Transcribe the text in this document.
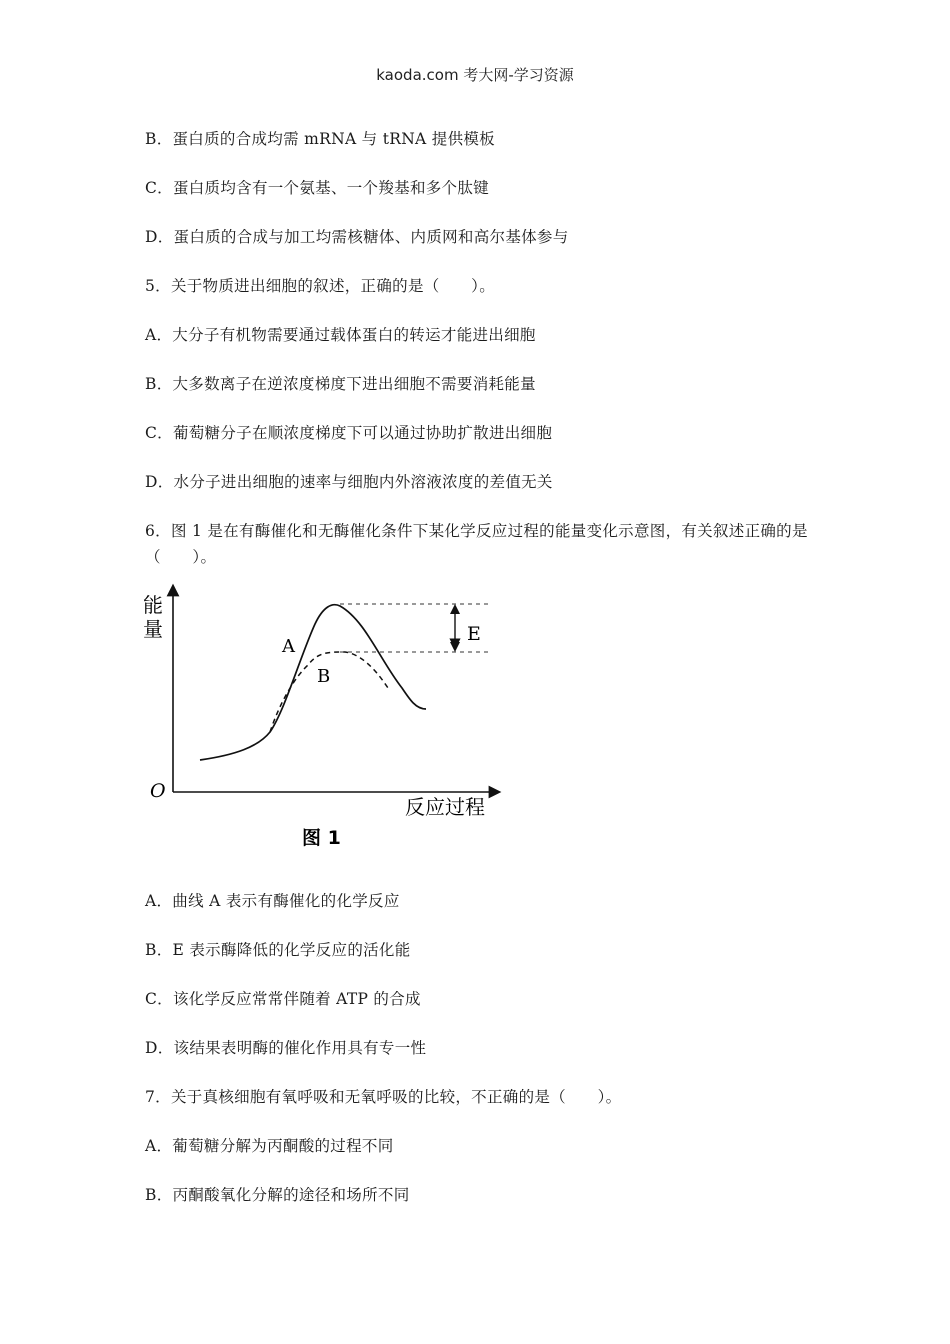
kaoda.com 考大网-学习资源
B．蛋白质的合成均需 mRNA 与 tRNA 提供模板
C．蛋白质均含有一个氨基、一个羧基和多个肽键
D．蛋白质的合成与加工均需核糖体、内质网和高尔基体参与
5．关于物质进出细胞的叙述，正确的是（　　）。
A．大分子有机物需要通过载体蛋白的转运才能进出细胞
B．大多数离子在逆浓度梯度下进出细胞不需要消耗能量
C．葡萄糖分子在顺浓度梯度下可以通过协助扩散进出细胞
D．水分子进出细胞的速率与细胞内外溶液浓度的差值无关
6．图 1 是在有酶催化和无酶催化条件下某化学反应过程的能量变化示意图，有关叙述正确的是（　　）。
能
量
O
反应过程
E
A
B
图 1
A．曲线 A 表示有酶催化的化学反应
B．E 表示酶降低的化学反应的活化能
C．该化学反应常常伴随着 ATP 的合成
D．该结果表明酶的催化作用具有专一性
7．关于真核细胞有氧呼吸和无氧呼吸的比较，不正确的是（　　）。
A．葡萄糖分解为丙酮酸的过程不同
B．丙酮酸氧化分解的途径和场所不同
